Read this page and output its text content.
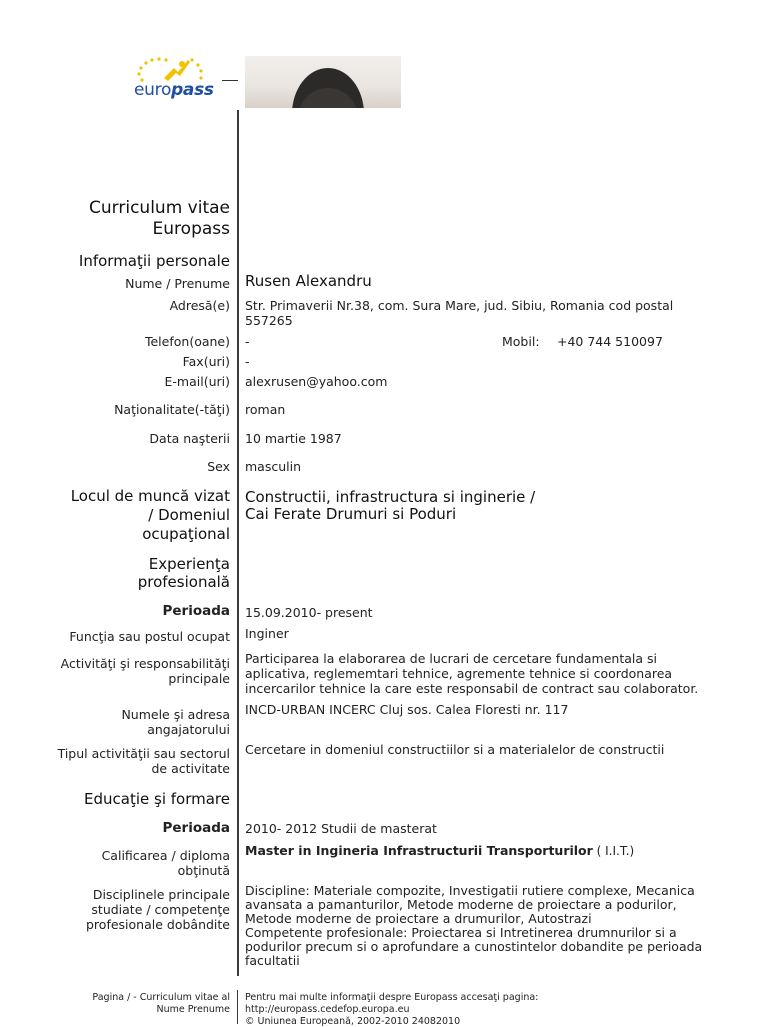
europass
Curriculum vitae
Europass
Informaţii personale
Nume / Prenume Rusen Alexandru
Adresă(e) Str. Primaverii Nr.38, com. Sura Mare, jud. Sibiu, Romania cod postal 557265
Telefon(oane) -	Mobil: +40 744 510097
Fax(uri) -
E-mail(uri) alexrusen@yahoo.com
Naţionalitate(-tăţi) roman
Data naşterii 10 martie 1987
Sex masculin
Locul de muncă vizat
/ Domeniul
ocupaţional
Constructii, infrastructura si inginerie /
Cai Ferate Drumuri si Poduri
Experienţa
profesională
Perioada 15.09.2010- present
Funcţia sau postul ocupat Inginer
Activităţi şi responsabilităţi
principale
Participarea la elaborarea de lucrari de cercetare fundamentala si
aplicativa, reglememtari tehnice, agremente tehnice si coordonarea
incercarilor tehnice la care este responsabil de contract sau colaborator.
Numele şi adresa
angajatorului
INCD-URBAN INCERC Cluj sos. Calea Floresti nr. 117
Tipul activităţii sau sectorul
de activitate
Cercetare in domeniul constructiilor si a materialelor de constructii
Educaţie şi formare
Perioada 2010- 2012 Studii de masterat
Calificarea / diploma
obţinută
Master in Ingineria Infrastructurii Transporturilor ( I.I.T.)
Disciplinele principale
studiate / competenţe
profesionale dobândite
Discipline: Materiale compozite, Investigatii rutiere complexe, Mecanica
avansata a pamanturilor, Metode moderne de proiectare a podurilor,
Metode moderne de proiectare a drumurilor, Autostrazi
Competente profesionale: Proiectarea si Intretinerea drumnurilor si a
podurilor precum si o aprofundare a cunostintelor dobandite pe perioada
facultatii
Pagina / - Curriculum vitae al
Nume Prenume
Pentru mai multe informaţii despre Europass accesaţi pagina:
http://europass.cedefop.europa.eu
© Uniunea Europeană, 2002-2010 24082010
